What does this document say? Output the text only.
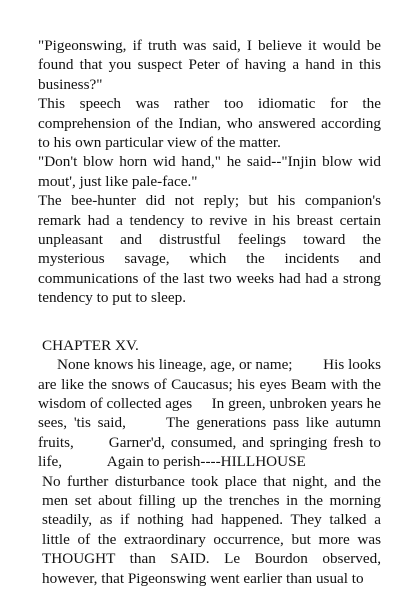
"Pigeonswing, if truth was said, I believe it would be found that you suspect Peter of having a hand in this business?"

This speech was rather too idiomatic for the comprehension of the Indian, who answered according to his own particular view of the matter.

"Don't blow horn wid hand," he said--"Injin blow wid mout', just like pale-face."

The bee-hunter did not reply; but his companion's remark had a tendency to revive in his breast certain unpleasant and distrustful feelings toward the mysterious savage, which the incidents and communications of the last two weeks had had a strong tendency to put to sleep.

CHAPTER XV.

None knows his lineage, age, or name;        His looks are like the snows of Caucasus; his eyes Beam with the wisdom of collected ages     In green, unbroken years he sees, 'tis said,      The generations pass like autumn fruits,      Garner'd, consumed, and springing fresh to life,            Again to perish----HILLHOUSE

No further disturbance took place that night, and the men set about filling up the trenches in the morning steadily, as if nothing had happened. They talked a little of the extraordinary occurrence, but more was THOUGHT than SAID. Le Bourdon observed, however, that Pigeonswing went earlier than usual to
